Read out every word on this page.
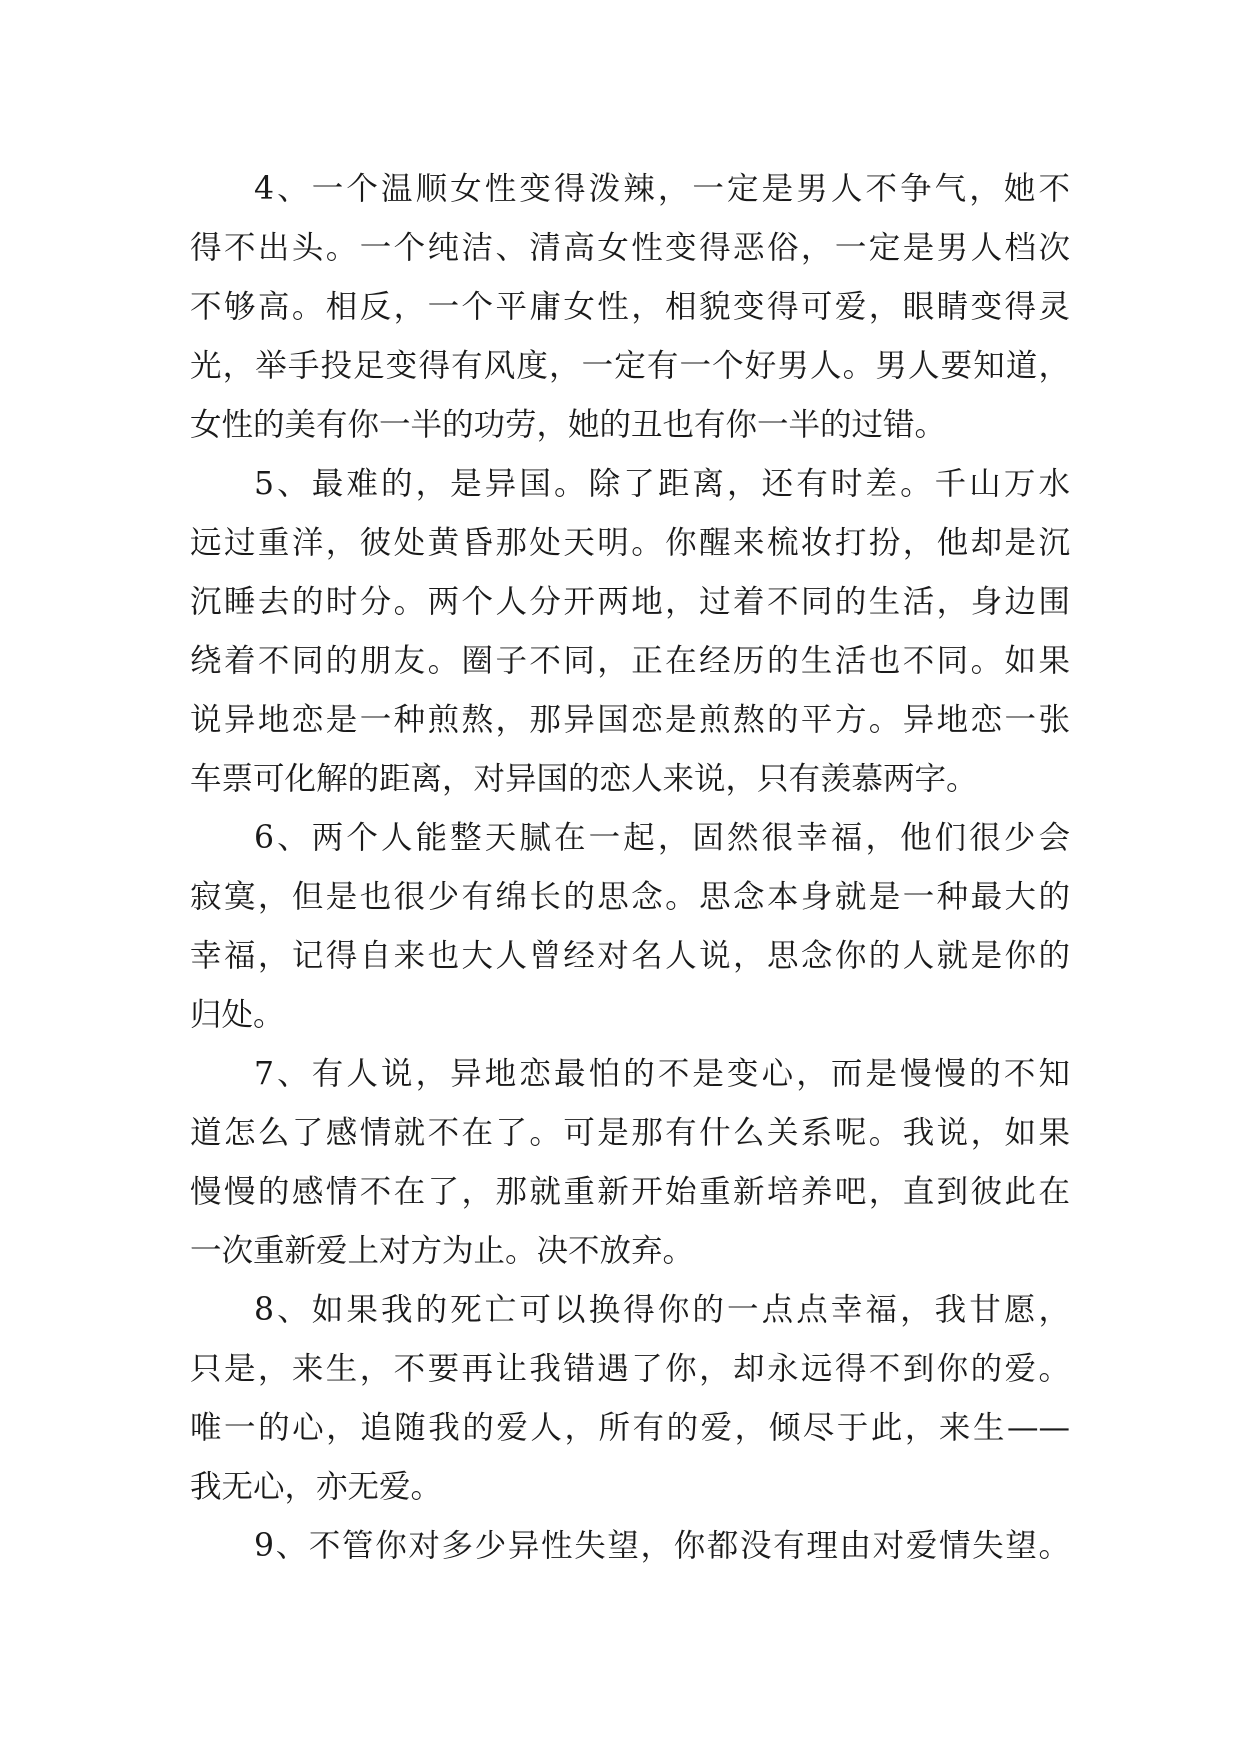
4、一个温顺女性变得泼辣，一定是男人不争气，她不
得不出头。一个纯洁、清高女性变得恶俗，一定是男人档次
不够高。相反，一个平庸女性，相貌变得可爱，眼睛变得灵
光，举手投足变得有风度，一定有一个好男人。男人要知道，
女性的美有你一半的功劳，她的丑也有你一半的过错。
5、最难的，是异国。除了距离，还有时差。千山万水
远过重洋，彼处黄昏那处天明。你醒来梳妆打扮，他却是沉
沉睡去的时分。两个人分开两地，过着不同的生活，身边围
绕着不同的朋友。圈子不同，正在经历的生活也不同。如果
说异地恋是一种煎熬，那异国恋是煎熬的平方。异地恋一张
车票可化解的距离，对异国的恋人来说，只有羡慕两字。
6、两个人能整天腻在一起，固然很幸福，他们很少会
寂寞，但是也很少有绵长的思念。思念本身就是一种最大的
幸福，记得自来也大人曾经对名人说，思念你的人就是你的
归处。
7、有人说，异地恋最怕的不是变心，而是慢慢的不知
道怎么了感情就不在了。可是那有什么关系呢。我说，如果
慢慢的感情不在了，那就重新开始重新培养吧，直到彼此在
一次重新爱上对方为止。决不放弃。
8、如果我的死亡可以换得你的一点点幸福，我甘愿，
只是，来生，不要再让我错遇了你，却永远得不到你的爱。
唯一的心，追随我的爱人，所有的爱，倾尽于此，来生——
我无心，亦无爱。
9、不管你对多少异性失望，你都没有理由对爱情失望。
